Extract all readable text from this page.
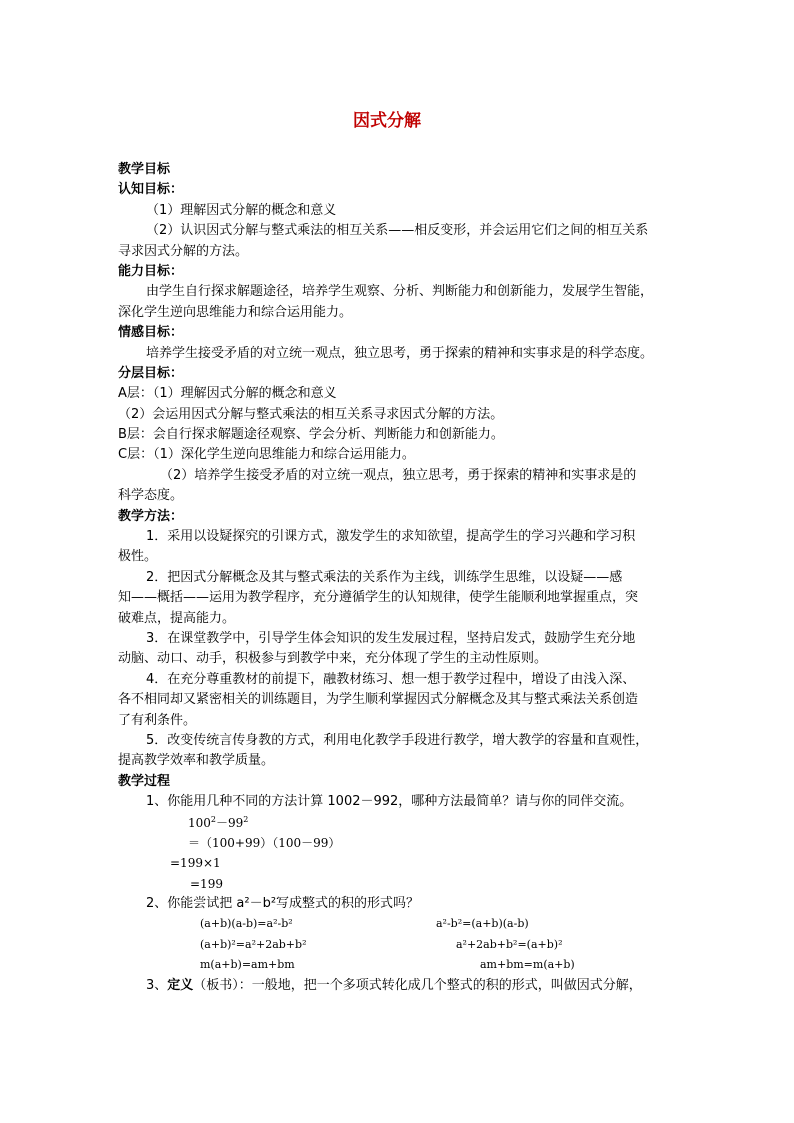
因式分解
教学目标
认知目标：
（1）理解因式分解的概念和意义
（2）认识因式分解与整式乘法的相互关系——相反变形，并会运用它们之间的相互关系
寻求因式分解的方法。
能力目标：
由学生自行探求解题途径，培养学生观察、分析、判断能力和创新能力，发展学生智能，
深化学生逆向思维能力和综合运用能力。
情感目标：
培养学生接受矛盾的对立统一观点，独立思考，勇于探索的精神和实事求是的科学态度。
分层目标：
A层：（1）理解因式分解的概念和意义
（2）会运用因式分解与整式乘法的相互关系寻求因式分解的方法。
B层：会自行探求解题途径观察、学会分析、判断能力和创新能力。
C层：（1）深化学生逆向思维能力和综合运用能力。
（2）培养学生接受矛盾的对立统一观点，独立思考，勇于探索的精神和实事求是的
科学态度。
教学方法：
1．采用以设疑探究的引课方式，激发学生的求知欲望，提高学生的学习兴趣和学习积
极性。
2．把因式分解概念及其与整式乘法的关系作为主线，训练学生思维，以设疑——感
知——概括——运用为教学程序，充分遵循学生的认知规律，使学生能顺利地掌握重点，突
破难点，提高能力。
3．在课堂教学中，引导学生体会知识的发生发展过程，坚持启发式，鼓励学生充分地
动脑、动口、动手，积极参与到教学中来，充分体现了学生的主动性原则。
4．在充分尊重教材的前提下，融教材练习、想一想于教学过程中，增设了由浅入深、
各不相同却又紧密相关的训练题目，为学生顺利掌握因式分解概念及其与整式乘法关系创造
了有利条件。
5．改变传统言传身教的方式，利用电化教学手段进行教学，增大教学的容量和直观性，
提高教学效率和教学质量。
教学过程
1、你能用几种不同的方法计算 1002－992，哪种方法最简单？请与你的同伴交流。
$100^2-99^2$
＝（100+99）（100－99）
=199×1
=199
2、你能尝试把 a²－b²写成整式的积的形式吗？
(a+b)(a-b)=a²-b²	a²-b²=(a+b)(a-b)
(a+b)²=a²+2ab+b²	a²+2ab+b²=(a+b)²
m(a+b)=am+bm	am+bm=m(a+b)
3、定义（板书）：一般地，把一个多项式转化成几个整式的积的形式，叫做因式分解，
